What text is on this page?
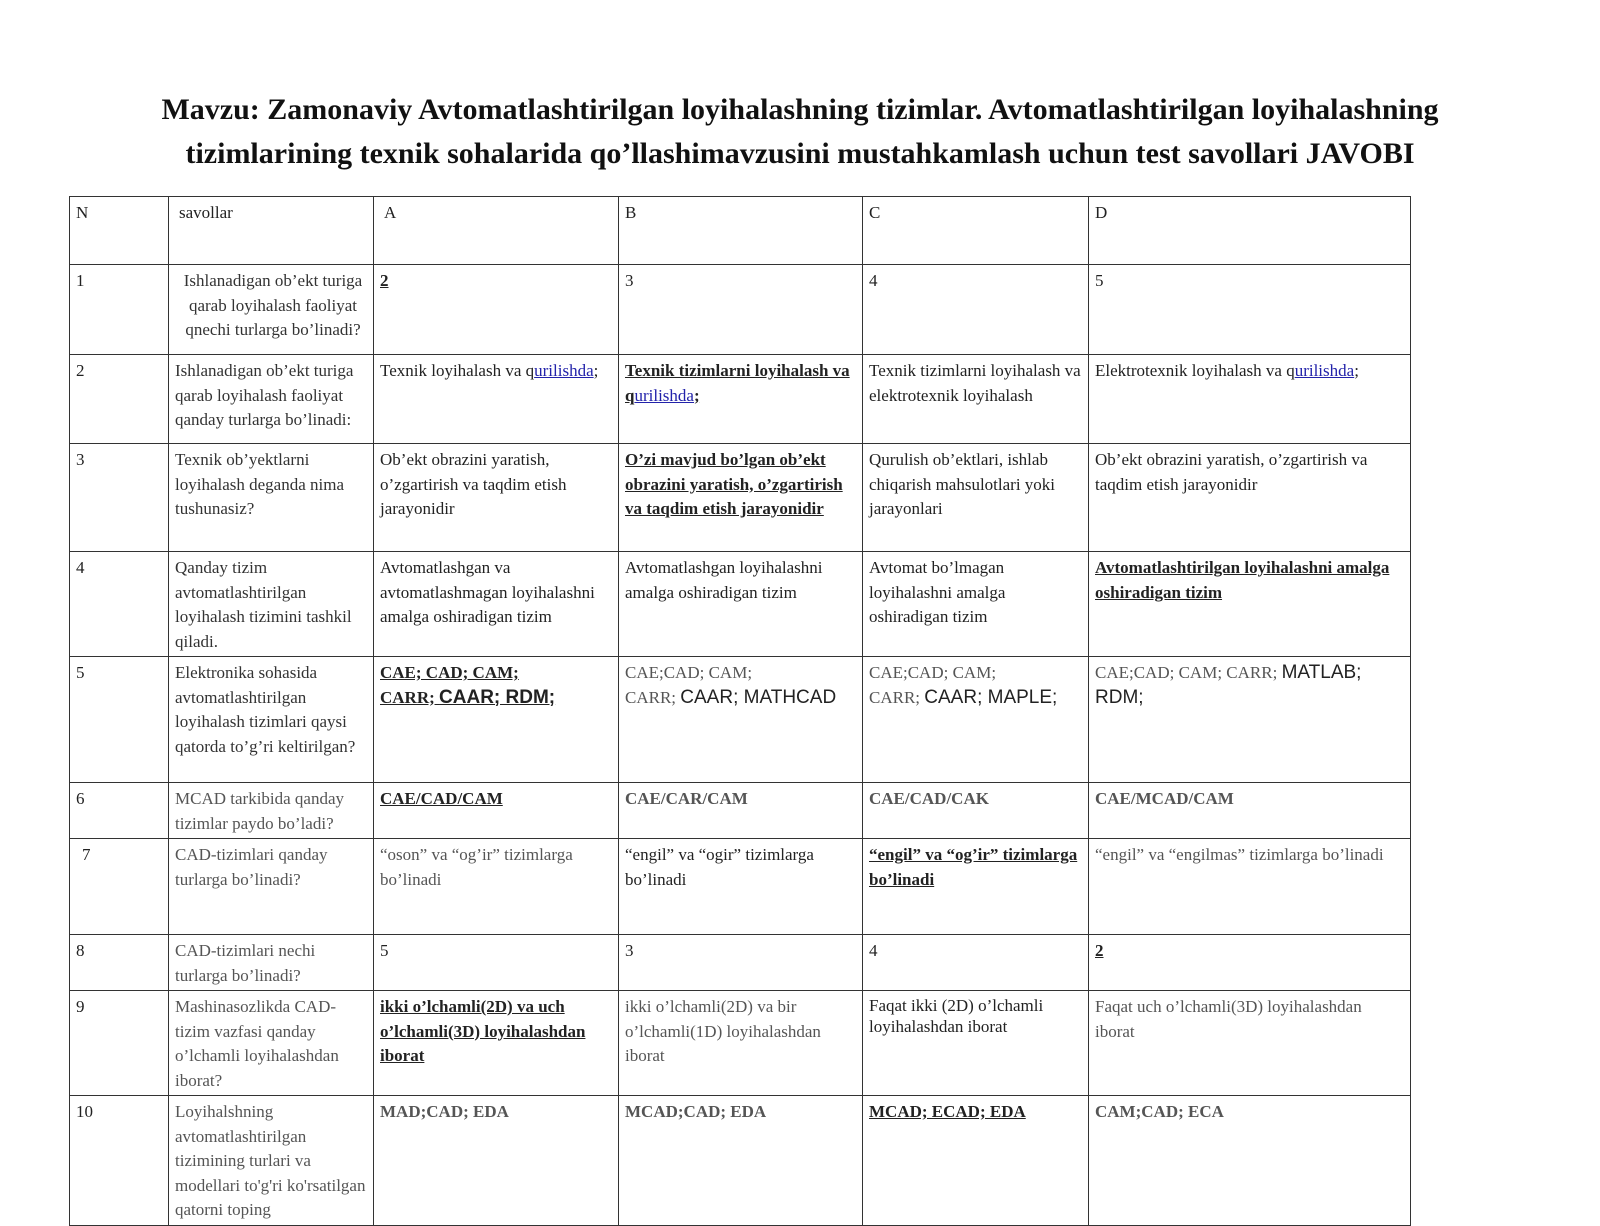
Mavzu: Zamonaviy Avtomatlashtirilgan loyihalashning tizimlar. Avtomatlashtirilgan loyihalashning
tizimlarining texnik sohalarida qo’llashimavzusini mustahkamlash uchun test savollari JAVOBI
N	savollar	A	B	C	D
1	Ishlanadigan ob’ekt turiga qarab loyihalash faoliyat qnechi turlarga bo’linadi?	2	3	4	5
2	Ishlanadigan ob’ekt turiga qarab loyihalash faoliyat qanday turlarga bo’linadi:	Texnik loyihalash va qurilishda;	Texnik tizimlarni loyihalash va qurilishda;	Texnik tizimlarni loyihalash va elektrotexnik loyihalash	Elektrotexnik loyihalash va qurilishda;
3	Texnik ob’yektlarni loyihalash deganda nima tushunasiz?	Ob’ekt obrazini yaratish, o’zgartirish va taqdim etish jarayonidir	O’zi mavjud bo’lgan ob’ekt obrazini yaratish, o’zgartirish va taqdim etish jarayonidir	Qurulish ob’ektlari, ishlab chiqarish mahsulotlari yoki jarayonlari	Ob’ekt obrazini yaratish, o’zgartirish va taqdim etish jarayonidir
4	Qanday tizim avtomatlashtirilgan loyihalash tizimini tashkil qiladi.	Avtomatlashgan va avtomatlashmagan loyihalashni amalga oshiradigan tizim	Avtomatlashgan loyihalashni amalga oshiradigan tizim	Avtomat bo’lmagan loyihalashni amalga oshiradigan tizim	Avtomatlashtirilgan loyihalashni amalga oshiradigan tizim
5	Elektronika sohasida avtomatlashtirilgan loyihalash tizimlari qaysi qatorda to’g’ri keltirilgan?	CAE; CAD; CAM;
CARR; CAAR; RDM;	CAE;CAD; CAM;
CARR; CAAR; MATHCAD	CAE;CAD; CAM;
CARR; CAAR; MAPLE;	CAE;CAD; CAM; CARR; MATLAB; RDM;
6	MCAD tarkibida qanday tizimlar paydo bo’ladi?	CAE/CAD/CAM	CAE/CAR/CAM	CAE/CAD/CAK	CAE/MCAD/CAM
7	CAD-tizimlari qanday turlarga bo’linadi?	“oson” va “og’ir” tizimlarga bo’linadi	“engil” va “ogir” tizimlarga bo’linadi	“engil” va “og’ir” tizimlarga bo’linadi	“engil” va “engilmas” tizimlarga bo’linadi
8	CAD-tizimlari nechi turlarga bo’linadi?	5	3	4	2
9	Mashinasozlikda CAD-tizim vazfasi qanday o’lchamli loyihalashdan iborat?	ikki o’lchamli(2D) va uch o’lchamli(3D) loyihalashdan iborat	ikki o’lchamli(2D) va bir o’lchamli(1D) loyihalashdan iborat	Faqat ikki (2D) o’lchamli loyihalashdan iborat	Faqat uch o’lchamli(3D) loyihalashdan iborat
10	Loyihalshning avtomatlashtirilgan tizimining turlari va modellari to'g'ri ko'rsatilgan qatorni toping	MAD;CAD; EDA	MCAD;CAD; EDA	MCAD; ECAD; EDA	CAM;CAD; ECA
